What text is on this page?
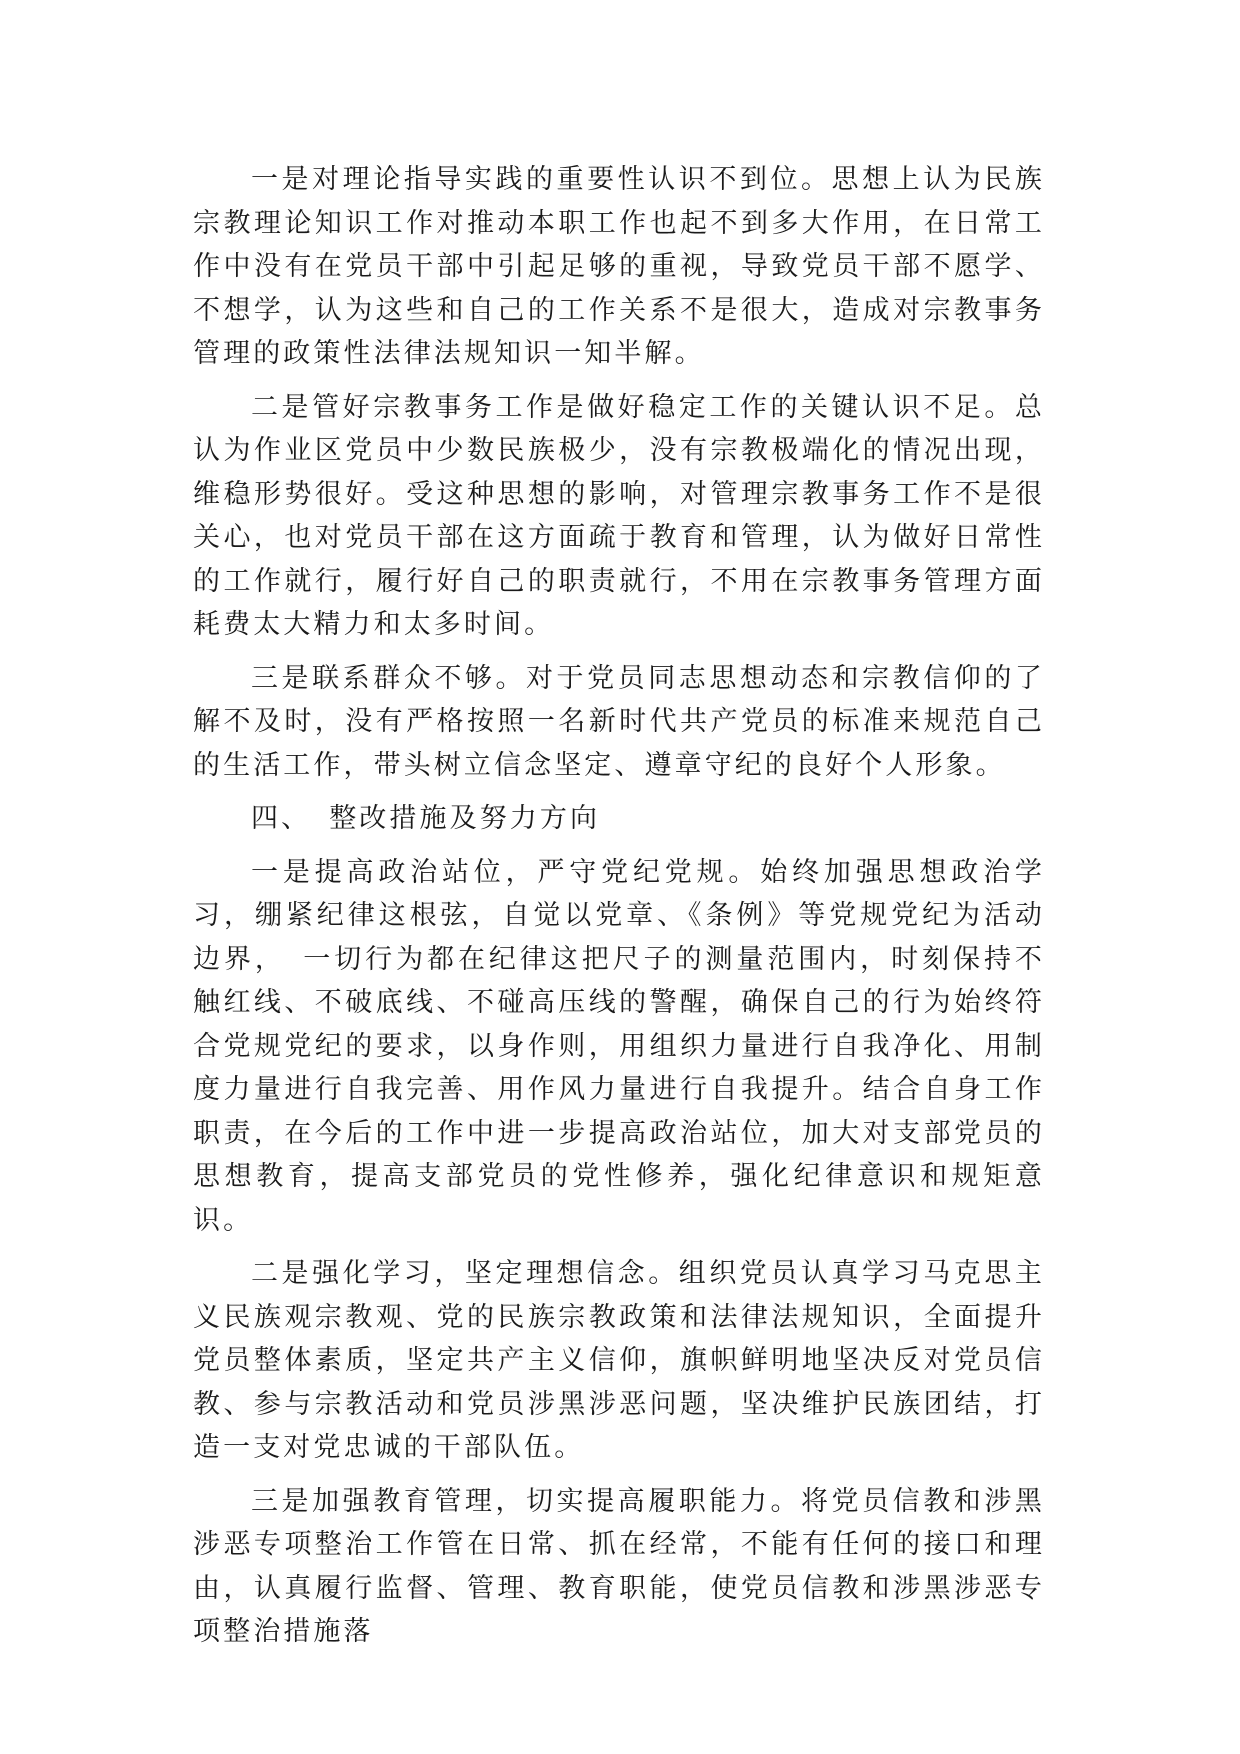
一是对理论指导实践的重要性认识不到位。思想上认为民族宗教理论知识工作对推动本职工作也起不到多大作用，在日常工作中没有在党员干部中引起足够的重视，导致党员干部不愿学、不想学，认为这些和自己的工作关系不是很大，造成对宗教事务管理的政策性法律法规知识一知半解。

二是管好宗教事务工作是做好稳定工作的关键认识不足。总认为作业区党员中少数民族极少，没有宗教极端化的情况出现，维稳形势很好。受这种思想的影响，对管理宗教事务工作不是很关心，也对党员干部在这方面疏于教育和管理，认为做好日常性的工作就行，履行好自己的职责就行，不用在宗教事务管理方面耗费太大精力和太多时间。

三是联系群众不够。对于党员同志思想动态和宗教信仰的了解不及时，没有严格按照一名新时代共产党员的标准来规范自己的生活工作，带头树立信念坚定、遵章守纪的良好个人形象。

四、 整改措施及努力方向

一是提高政治站位，严守党纪党规。始终加强思想政治学习，绷紧纪律这根弦，自觉以党章、《条例》等党规党纪为活动边界，　一切行为都在纪律这把尺子的测量范围内，时刻保持不触红线、不破底线、不碰高压线的警醒，确保自己的行为始终符合党规党纪的要求，以身作则，用组织力量进行自我净化、用制度力量进行自我完善、用作风力量进行自我提升。结合自身工作职责，在今后的工作中进一步提高政治站位，加大对支部党员的思想教育，提高支部党员的党性修养，强化纪律意识和规矩意识。

二是强化学习，坚定理想信念。组织党员认真学习马克思主义民族观宗教观、党的民族宗教政策和法律法规知识，全面提升党员整体素质，坚定共产主义信仰，旗帜鲜明地坚决反对党员信教、参与宗教活动和党员涉黑涉恶问题，坚决维护民族团结，打造一支对党忠诚的干部队伍。

三是加强教育管理，切实提高履职能力。将党员信教和涉黑涉恶专项整治工作管在日常、抓在经常，不能有任何的接口和理由，认真履行监督、管理、教育职能，使党员信教和涉黑涉恶专项整治措施落
